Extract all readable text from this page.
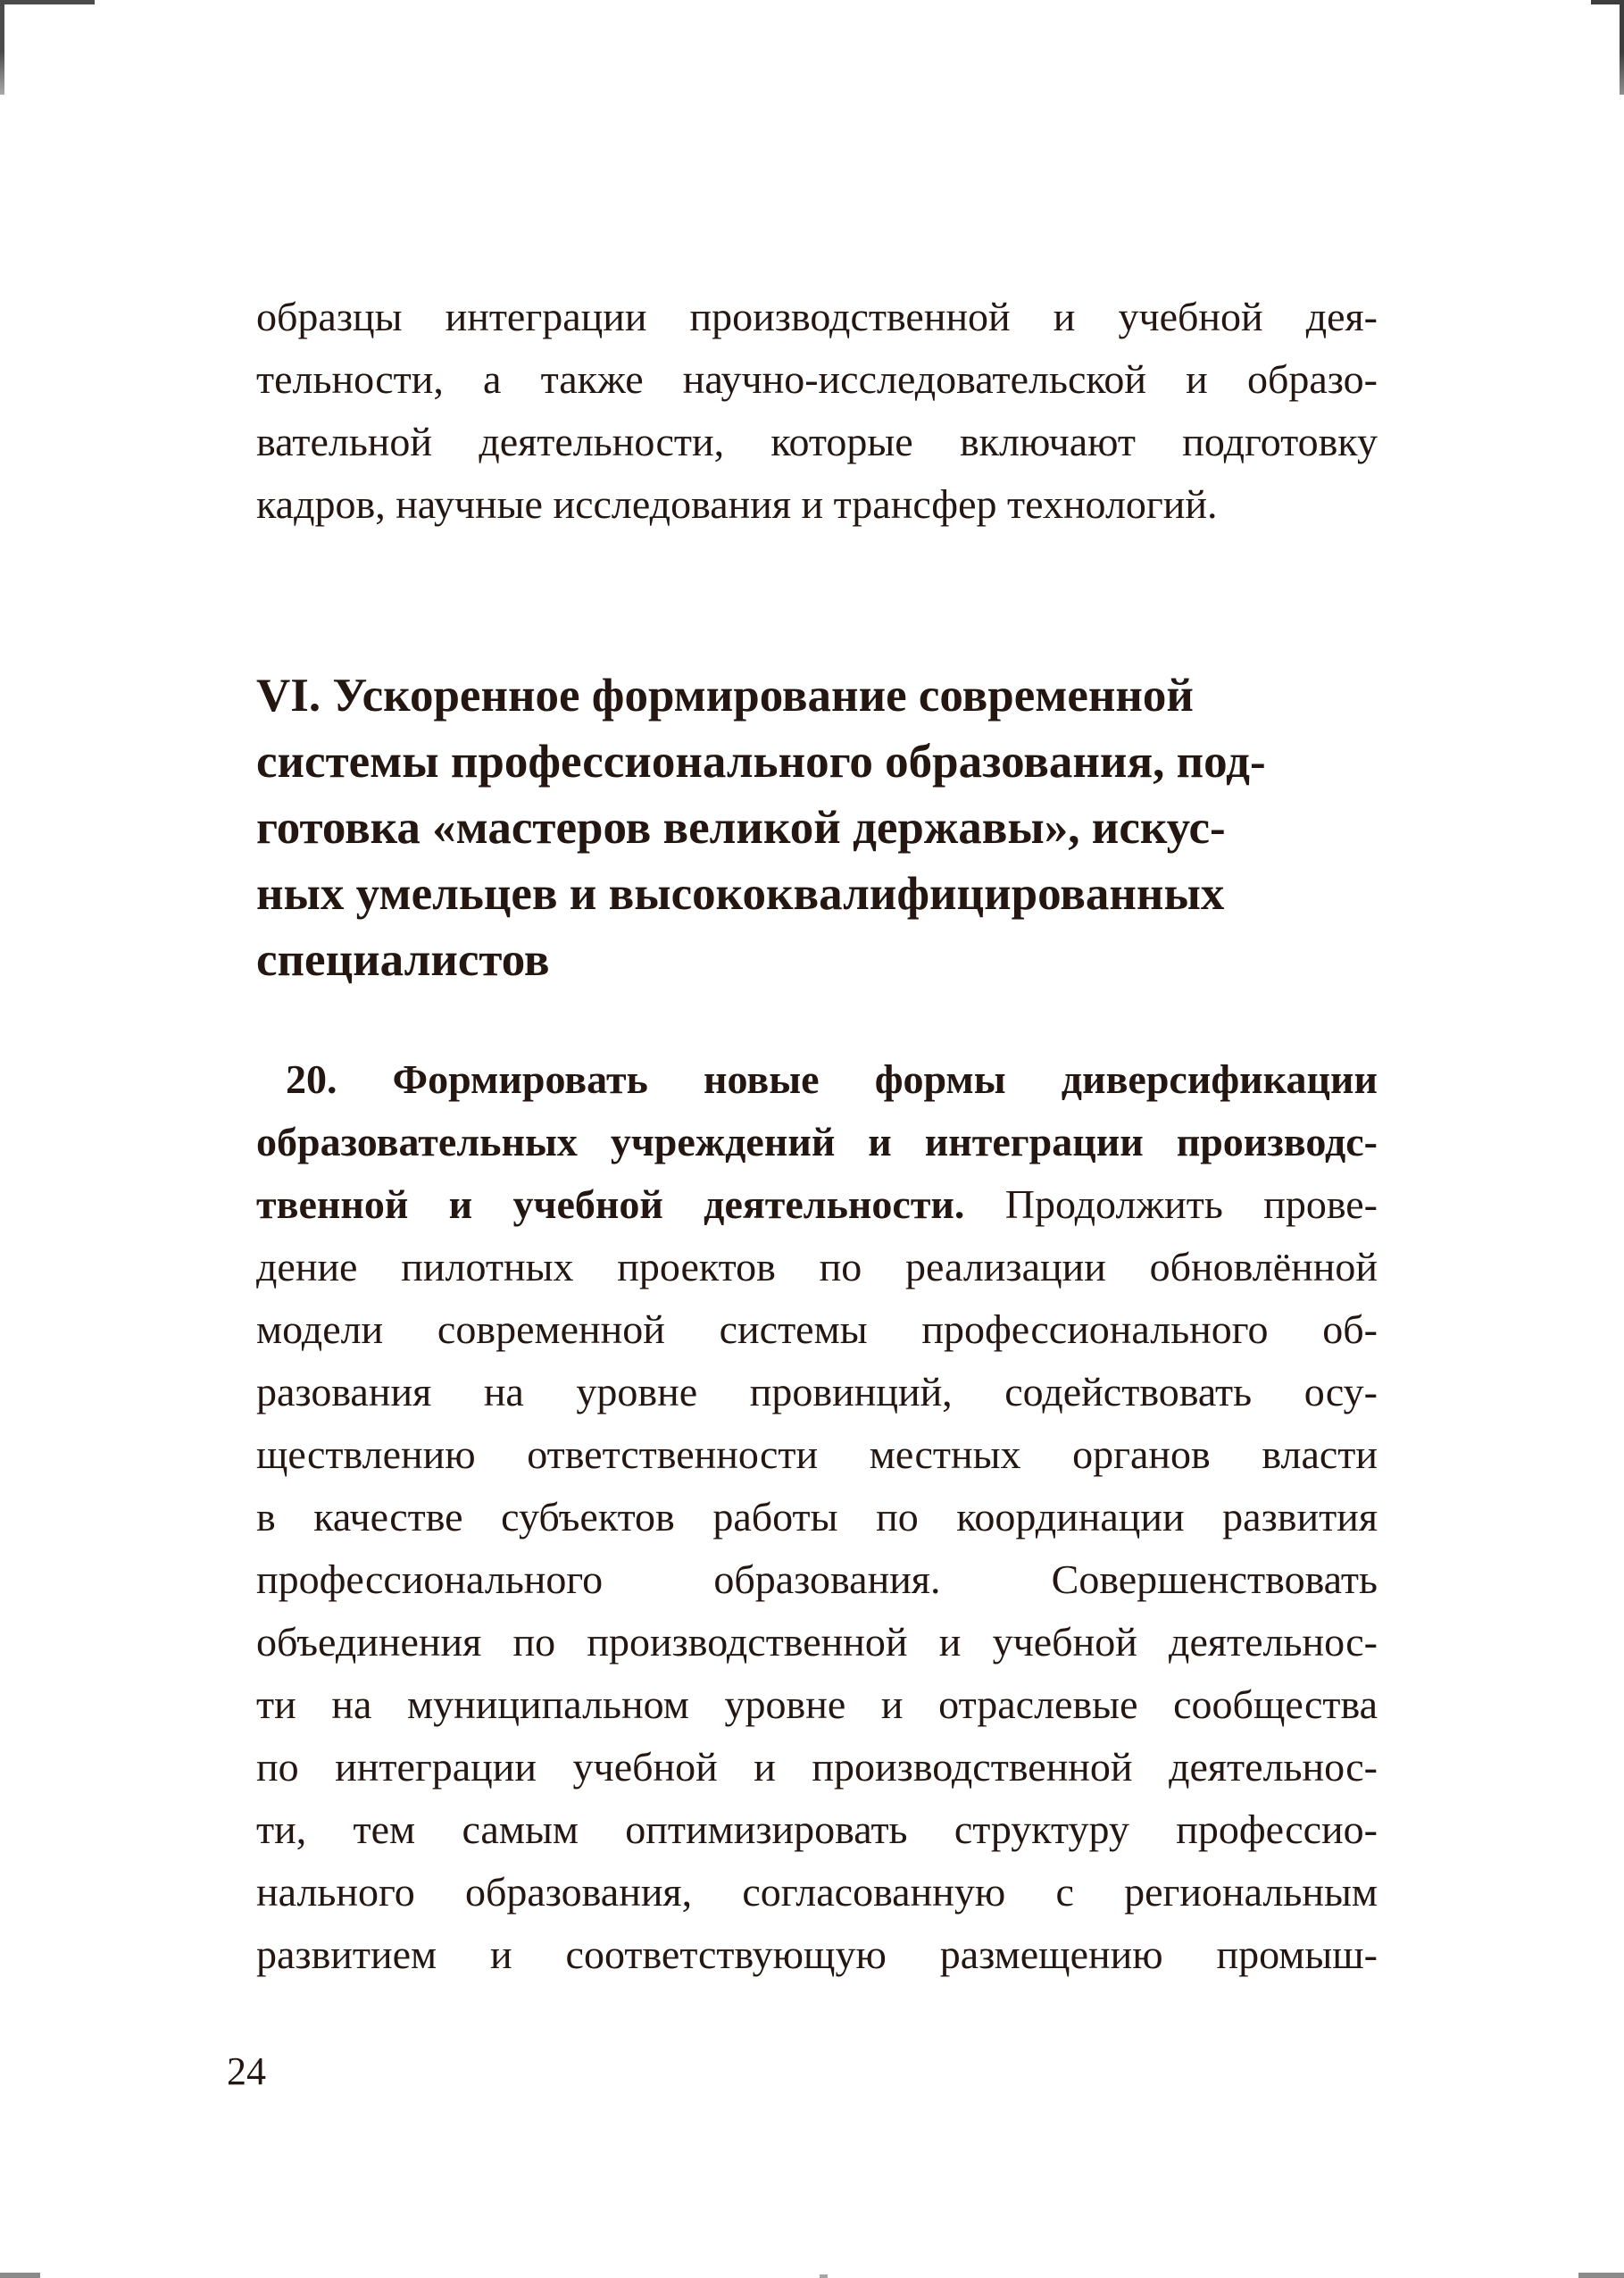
образцы интеграции производственной и учебной дея-
тельности, а также научно-исследовательской и образо-
вательной деятельности, которые включают подготовку
кадров, научные исследования и трансфер технологий.
VI. Ускоренное формирование современной
системы профессионального образования, под-
готовка «мастеров великой державы», искус-
ных умельцев и высококвалифицированных
специалистов
20. Формировать новые формы диверсификации
образовательных учреждений и интеграции производс-
твенной и учебной деятельности. Продолжить прове-
дение пилотных проектов по реализации обновлённой
модели современной системы профессионального об-
разования на уровне провинций, содействовать осу-
ществлению ответственности местных органов власти
в качестве субъектов работы по координации развития
профессионального образования. Совершенствовать
объединения по производственной и учебной деятельнос-
ти на муниципальном уровне и отраслевые сообщества
по интеграции учебной и производственной деятельнос-
ти, тем самым оптимизировать структуру профессио-
нального образования, согласованную с региональным
развитием и соответствующую размещению промыш-
24
